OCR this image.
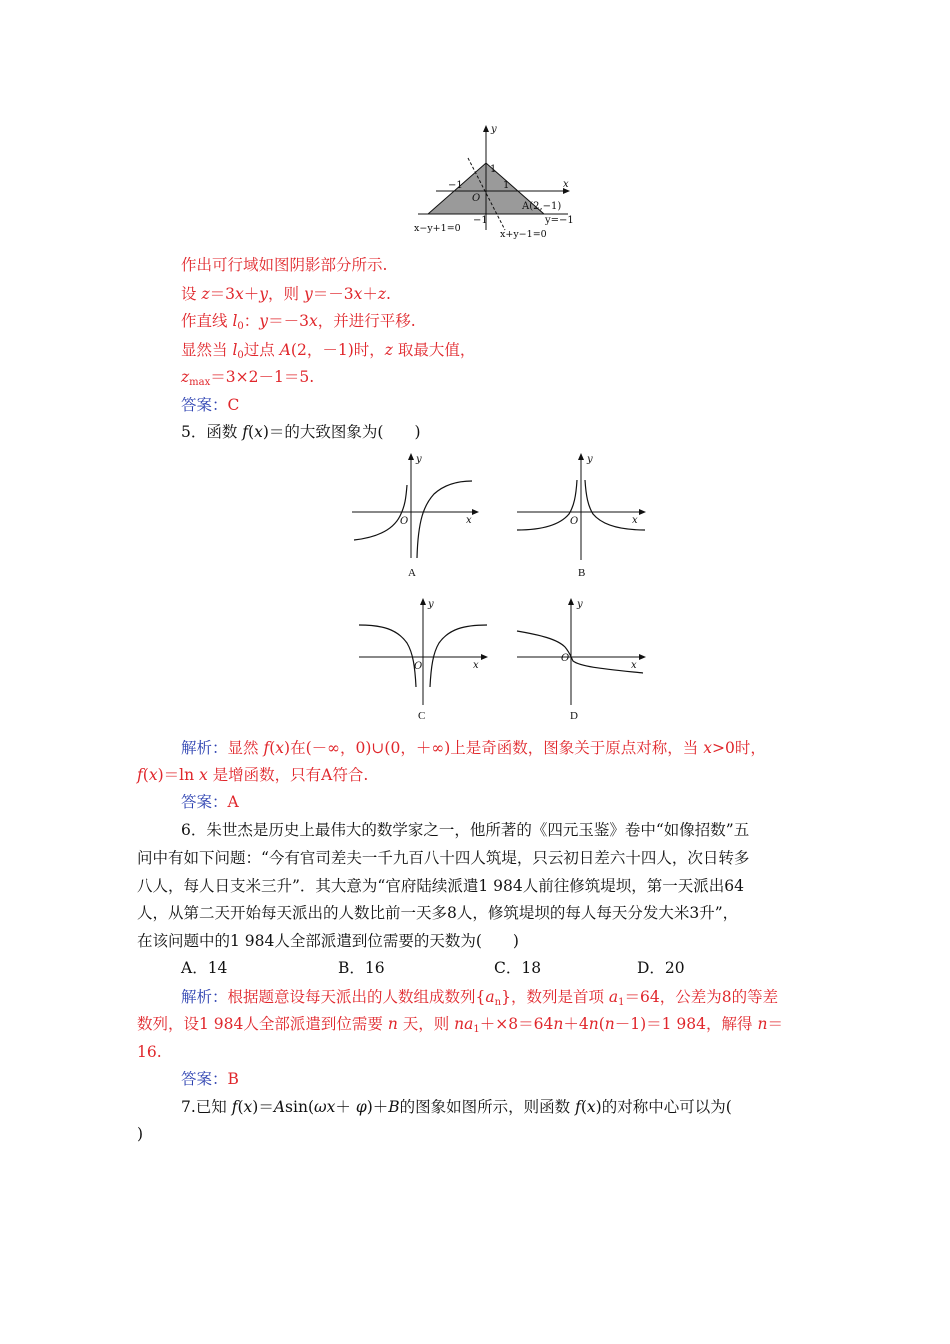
y
x
−1
1
1
−1
O
A(2,−1)
y=−1
x−y+1=0
x+y−1=0
作出可行域如图阴影部分所示.
设 z＝3x＋y，则 y＝－3x＋z.
作直线 $l_0$：y＝－3x，并进行平移.
显然当 $l_0$过点 A(2，－1)时，z 取最大值，
$z_{max}=3\times 2-1=5$.
答案：C
5．函数 f(x)＝的大致图象为(　　)
y
x
O
A
y
x
O
B
y
x
O
C
y
x
O
D
解析：显然 f(x)在(－∞，0)∪(0，＋∞)上是奇函数，图象关于原点对称，当 x>0时，
f(x)＝ln x 是增函数，只有A符合.
答案：A
6．朱世杰是历史上最伟大的数学家之一，他所著的《四元玉鉴》卷中“如像招数”五
问中有如下问题：“今有官司差夫一千九百八十四人筑堤，只云初日差六十四人，次日转多
八人，每人日支米三升”．其大意为“官府陆续派遣1 984人前往修筑堤坝，第一天派出64
人，从第二天开始每天派出的人数比前一天多8人，修筑堤坝的每人每天分发大米3升”，
在该问题中的1 984人全部派遣到位需要的天数为(　　)
A．14	B．16	C．18	D．20
解析：根据题意设每天派出的人数组成数列$\{a_n\}$，数列是首项 $a_1=64$，公差为8的等差
数列，设1 984人全部派遣到位需要 n 天，则 $na_1+\times 8=64n+4n(n-1)=1$ 984，解得 n＝
16.
答案：B
7.已知 f(x)＝Asin(ωx＋ φ)＋B的图象如图所示，则函数 f(x)的对称中心可以为(
)
